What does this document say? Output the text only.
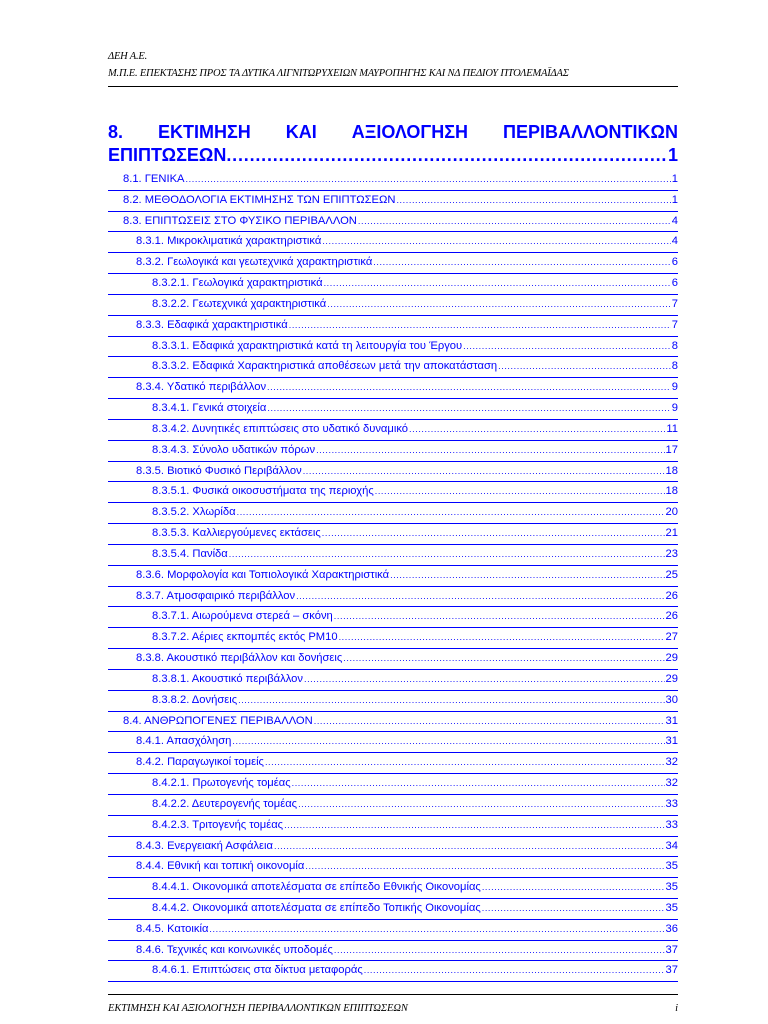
ΔΕΗ Α.Ε.
Μ.Π.Ε. ΕΠΕΚΤΑΣΗΣ ΠΡΟΣ ΤΑ ΔΥΤΙΚΑ ΛΙΓΝΙΤΩΡΥΧΕΙΩΝ ΜΑΥΡΟΠΗΓΗΣ ΚΑΙ ΝΔ ΠΕΔΙΟΥ ΠΤΟΛΕΜΑΪΔΑΣ
8. ΕΚΤΙΜΗΣΗ ΚΑΙ ΑΞΙΟΛΟΓΗΣΗ ΠΕΡΙΒΑΛΛΟΝΤΙΚΩΝ
ΕΠΙΠΤΩΣΕΩΝ .....	1
8.1. ΓΕΝΙΚΑ .....	1
8.2. ΜΕΘΟΔΟΛΟΓΙΑ ΕΚΤΙΜΗΣΗΣ ΤΩΝ ΕΠΙΠΤΩΣΕΩΝ .....	1
8.3. ΕΠΙΠΤΩΣΕΙΣ ΣΤΟ ΦΥΣΙΚΟ ΠΕΡΙΒΑΛΛΟΝ .....	4
8.3.1. Μικροκλιματικά χαρακτηριστικά .....	4
8.3.2. Γεωλογικά και γεωτεχνικά χαρακτηριστικά .....	6
8.3.2.1. Γεωλογικά χαρακτηριστικά .....	6
8.3.2.2. Γεωτεχνικά χαρακτηριστικά .....	7
8.3.3. Εδαφικά χαρακτηριστικά .....	7
8.3.3.1. Εδαφικά χαρακτηριστικά κατά τη λειτουργία του Έργου .....	8
8.3.3.2. Εδαφικά Χαρακτηριστικά αποθέσεων μετά την αποκατάσταση .....	8
8.3.4. Υδατικό περιβάλλον .....	9
8.3.4.1. Γενικά στοιχεία .....	9
8.3.4.2. Δυνητικές επιπτώσεις στο υδατικό δυναμικό .....	11
8.3.4.3. Σύνολο υδατικών πόρων .....	17
8.3.5. Βιοτικό Φυσικό Περιβάλλον .....	18
8.3.5.1. Φυσικά οικοσυστήματα της περιοχής .....	18
8.3.5.2. Χλωρίδα .....	20
8.3.5.3. Καλλιεργούμενες εκτάσεις .....	21
8.3.5.4. Πανίδα .....	23
8.3.6. Μορφολογία και Τοπιολογικά Χαρακτηριστικά .....	25
8.3.7. Ατμοσφαιρικό περιβάλλον .....	26
8.3.7.1. Αιωρούμενα στερεά – σκόνη .....	26
8.3.7.2. Αέριες εκπομπές εκτός PM10 .....	27
8.3.8. Ακουστικό περιβάλλον και δονήσεις .....	29
8.3.8.1. Ακουστικό περιβάλλον .....	29
8.3.8.2. Δονήσεις .....	30
8.4. ΑΝΘΡΩΠΟΓΕΝΕΣ ΠΕΡΙΒΑΛΛΟΝ .....	31
8.4.1. Απασχόληση .....	31
8.4.2. Παραγωγικοί τομείς .....	32
8.4.2.1. Πρωτογενής τομέας .....	32
8.4.2.2. Δευτερογενής τομέας .....	33
8.4.2.3. Τριτογενής τομέας .....	33
8.4.3. Ενεργειακή Ασφάλεια .....	34
8.4.4. Εθνική και τοπική οικονομία .....	35
8.4.4.1. Οικονομικά αποτελέσματα σε επίπεδο Εθνικής Οικονομίας .....	35
8.4.4.2. Οικονομικά αποτελέσματα σε επίπεδο Τοπικής Οικονομίας .....	35
8.4.5. Κατοικία .....	36
8.4.6. Τεχνικές και κοινωνικές υποδομές .....	37
8.4.6.1. Επιπτώσεις στα δίκτυα μεταφοράς .....	37
ΕΚΤΙΜΗΣΗ ΚΑΙ ΑΞΙΟΛΟΓΗΣΗ ΠΕΡΙΒΑΛΛΟΝΤΙΚΩΝ ΕΠΙΠΤΩΣΕΩΝ	i
